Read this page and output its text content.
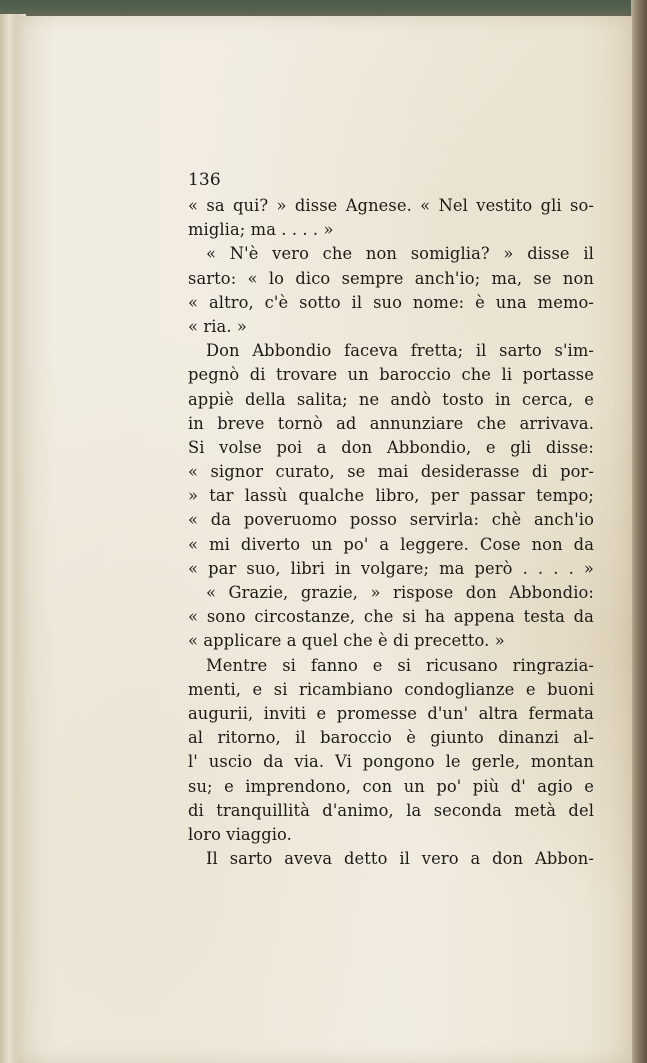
136
« sa qui? » disse Agnese. « Nel vestito gli so-
miglia; ma . . . . »
« N'è vero che non somiglia? » disse il
sarto: « lo dico sempre anch'io; ma, se non
« altro, c'è sotto il suo nome: è una memo-
« ria. »
Don Abbondio faceva fretta; il sarto s'im-
pegnò di trovare un baroccio che li portasse
appiè della salita; ne andò tosto in cerca, e
in breve tornò ad annunziare che arrivava.
Si volse poi a don Abbondio, e gli disse:
« signor curato, se mai desiderasse di por-
» tar lassù qualche libro, per passar tempo;
« da poveruomo posso servirla: chè anch'io
« mi diverto un po' a leggere. Cose non da
« par suo, libri in volgare; ma però . . . . »
« Grazie, grazie, » rispose don Abbondio:
« sono circostanze, che si ha appena testa da
« applicare a quel che è di precetto. »
Mentre si fanno e si ricusano ringrazia-
menti, e si ricambiano condoglianze e buoni
augurii, inviti e promesse d'un' altra fermata
al ritorno, il baroccio è giunto dinanzi al-
l' uscio da via. Vi pongono le gerle, montan
su; e imprendono, con un po' più d' agio e
di tranquillità d'animo, la seconda metà del
loro viaggio.
Il sarto aveva detto il vero a don Abbon-
